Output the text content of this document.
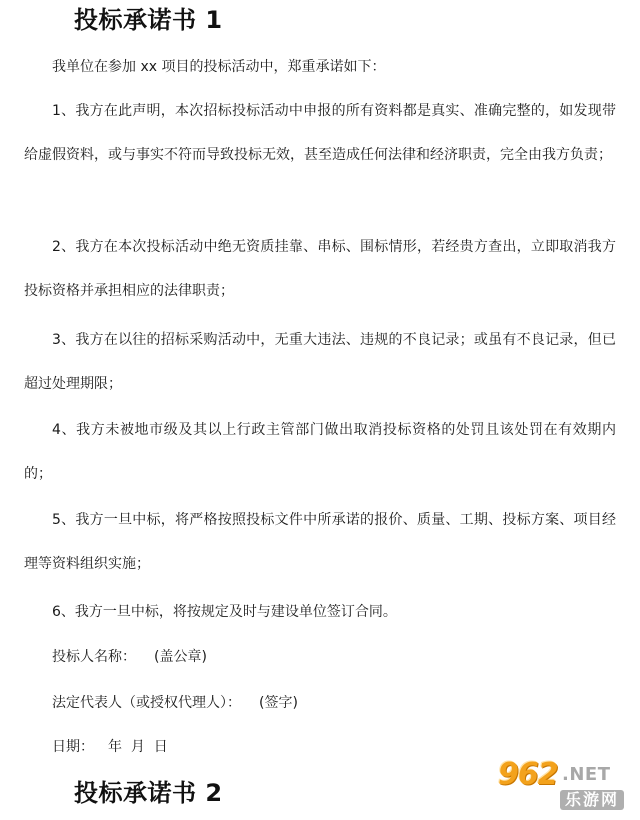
投标承诺书 1

我单位在参加 xx 项目的投标活动中，郑重承诺如下：

1、我方在此声明，本次招标投标活动中申报的所有资料都是真实、准确完整的，如发现带给虚假资料，或与事实不符而导致投标无效，甚至造成任何法律和经济职责，完全由我方负责；

2、我方在本次投标活动中绝无资质挂靠、串标、围标情形，若经贵方查出，立即取消我方投标资格并承担相应的法律职责；

3、我方在以往的招标采购活动中，无重大违法、违规的不良记录；或虽有不良记录，但已超过处理期限；

4、我方未被地市级及其以上行政主管部门做出取消投标资格的处罚且该处罚在有效期内的；

5、我方一旦中标，将严格按照投标文件中所承诺的报价、质量、工期、投标方案、项目经理等资料组织实施；

6、我方一旦中标，将按规定及时与建设单位签订合同。

投标人名称： (盖公章)

法定代表人（或授权代理人）： (签字)

日期： 年  月  日

投标承诺书 2
962 .NET
乐游网
